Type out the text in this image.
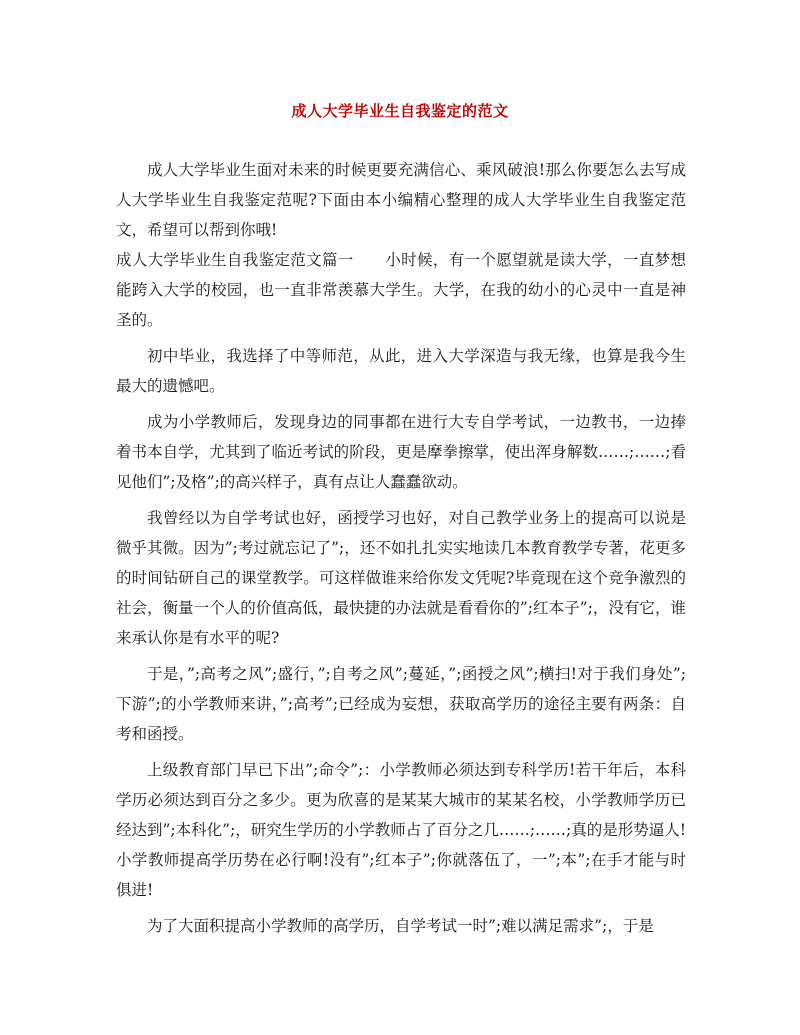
成人大学毕业生自我鉴定的范文

成人大学毕业生面对未来的时候更要充满信心、乘风破浪!那么你要怎么去写成人大学毕业生自我鉴定范呢?下面由本小编精心整理的成人大学毕业生自我鉴定范文，希望可以帮到你哦!

成人大学毕业生自我鉴定范文篇一　　小时候，有一个愿望就是读大学，一直梦想能跨入大学的校园，也一直非常羡慕大学生。大学，在我的幼小的心灵中一直是神圣的。

初中毕业，我选择了中等师范，从此，进入大学深造与我无缘，也算是我今生最大的遗憾吧。

成为小学教师后，发现身边的同事都在进行大专自学考试，一边教书，一边捧着书本自学，尤其到了临近考试的阶段，更是摩拳擦掌，使出浑身解数……;……;看见他们”;及格”;的高兴样子，真有点让人蠢蠢欲动。

我曾经以为自学考试也好，函授学习也好，对自己教学业务上的提高可以说是微乎其微。因为”;考过就忘记了”;，还不如扎扎实实地读几本教育教学专著，花更多的时间钻研自己的课堂教学。可这样做谁来给你发文凭呢?毕竟现在这个竞争激烈的社会，衡量一个人的价值高低，最快捷的办法就是看看你的”;红本子”;，没有它，谁来承认你是有水平的呢?

于是，”;高考之风”;盛行，”;自考之风”;蔓延，”;函授之风”;横扫!对于我们身处”;下游”;的小学教师来讲，”;高考”;已经成为妄想，获取高学历的途径主要有两条：自考和函授。

上级教育部门早已下出”;命令”;：小学教师必须达到专科学历!若干年后，本科学历必须达到百分之多少。更为欣喜的是某某大城市的某某名校，小学教师学历已经达到”;本科化”;，研究生学历的小学教师占了百分之几……;……;真的是形势逼人!小学教师提高学历势在必行啊!没有”;红本子”;你就落伍了，一”;本”;在手才能与时俱进!

为了大面积提高小学教师的高学历，自学考试一时”;难以满足需求”;，于是
